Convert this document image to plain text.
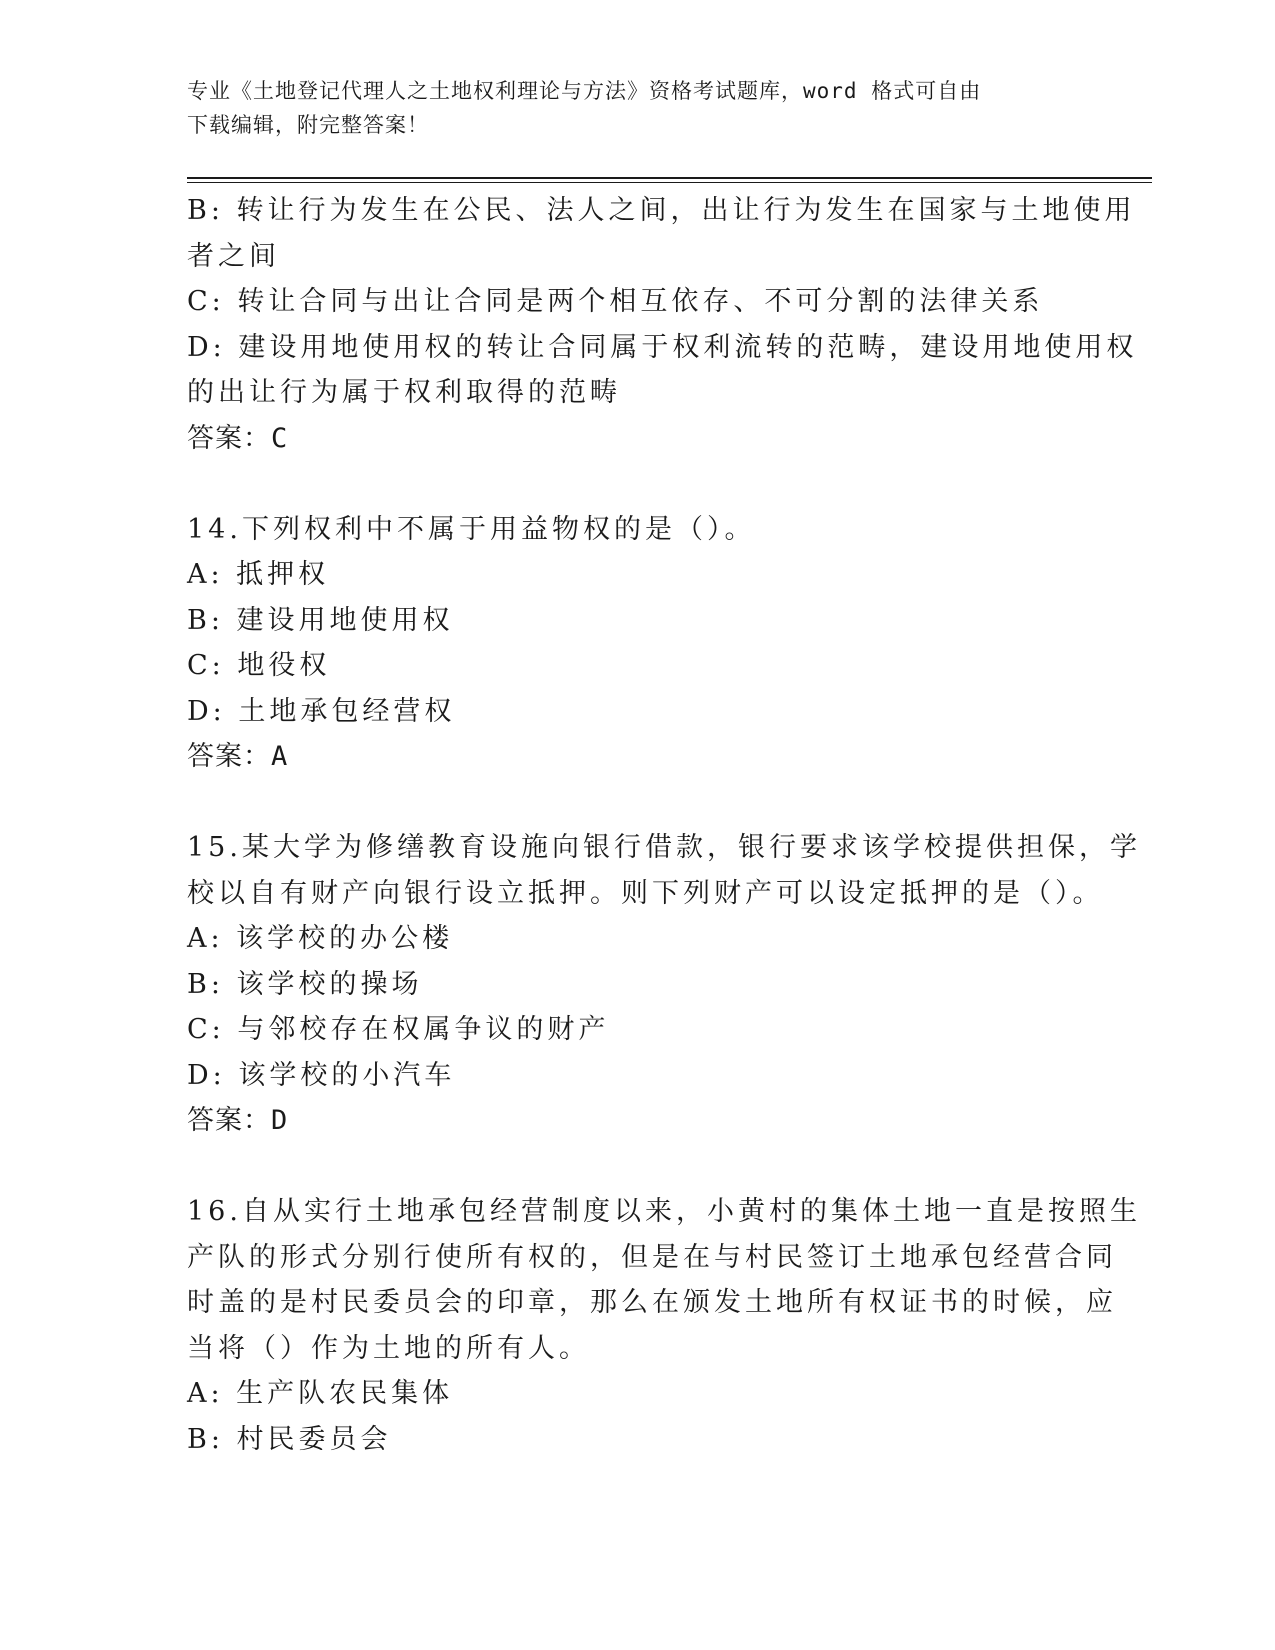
专业《土地登记代理人之土地权利理论与方法》资格考试题库，word 格式可自由
下载编辑，附完整答案！
B: 转让行为发生在公民、法人之间，出让行为发生在国家与土地使用
者之间
C: 转让合同与出让合同是两个相互依存、不可分割的法律关系
D: 建设用地使用权的转让合同属于权利流转的范畴，建设用地使用权
的出让行为属于权利取得的范畴
答案：C
14.下列权利中不属于用益物权的是（）。
A: 抵押权
B: 建设用地使用权
C: 地役权
D: 土地承包经营权
答案：A
15.某大学为修缮教育设施向银行借款，银行要求该学校提供担保，学
校以自有财产向银行设立抵押。则下列财产可以设定抵押的是（）。
A: 该学校的办公楼
B: 该学校的操场
C: 与邻校存在权属争议的财产
D: 该学校的小汽车
答案：D
16.自从实行土地承包经营制度以来，小黄村的集体土地一直是按照生
产队的形式分别行使所有权的，但是在与村民签订土地承包经营合同
时盖的是村民委员会的印章，那么在颁发土地所有权证书的时候，应
当将（）作为土地的所有人。
A: 生产队农民集体
B: 村民委员会
